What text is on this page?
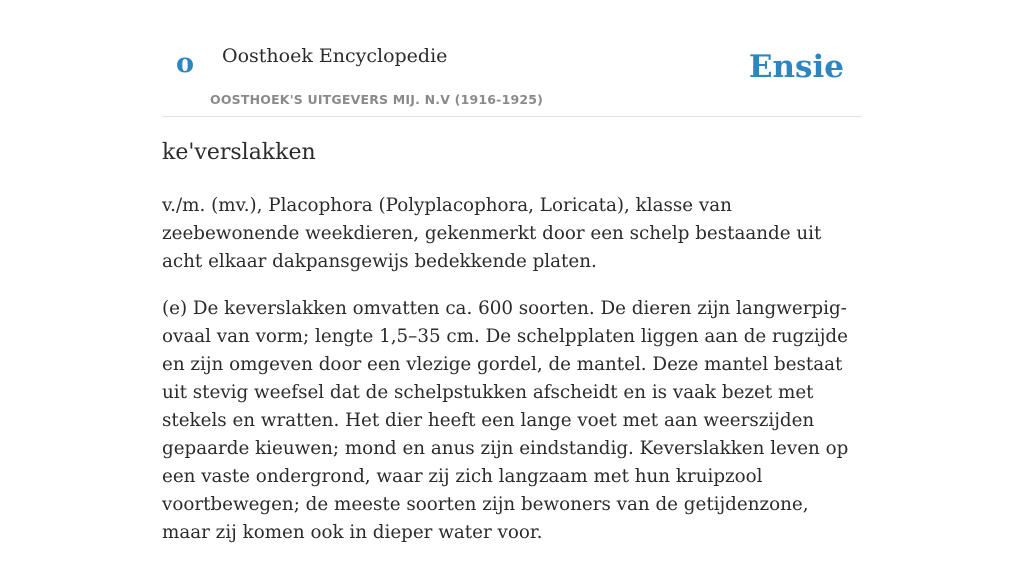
o Oosthoek Encyclopedie
OOSTHOEK'S UITGEVERS MIJ. N.V (1916-1925)
Ensie
ke'verslakken

v./m. (mv.), Placophora (Polyplacophora, Loricata), klasse van zeebewonende weekdieren, gekenmerkt door een schelp bestaande uit acht elkaar dakpansgewijs bedekkende platen.

(e) De keverslakken omvatten ca. 600 soorten. De dieren zijn langwerpig-ovaal van vorm; lengte 1,5–35 cm. De schelpplaten liggen aan de rugzijde en zijn omgeven door een vlezige gordel, de mantel. Deze mantel bestaat uit stevig weefsel dat de schelpstukken afscheidt en is vaak bezet met stekels en wratten. Het dier heeft een lange voet met aan weerszijden gepaarde kieuwen; mond en anus zijn eindstandig. Keverslakken leven op een vaste ondergrond, waar zij zich langzaam met hun kruipzool voortbewegen; de meeste soorten zijn bewoners van de getijdenzone, maar zij komen ook in dieper water voor.
